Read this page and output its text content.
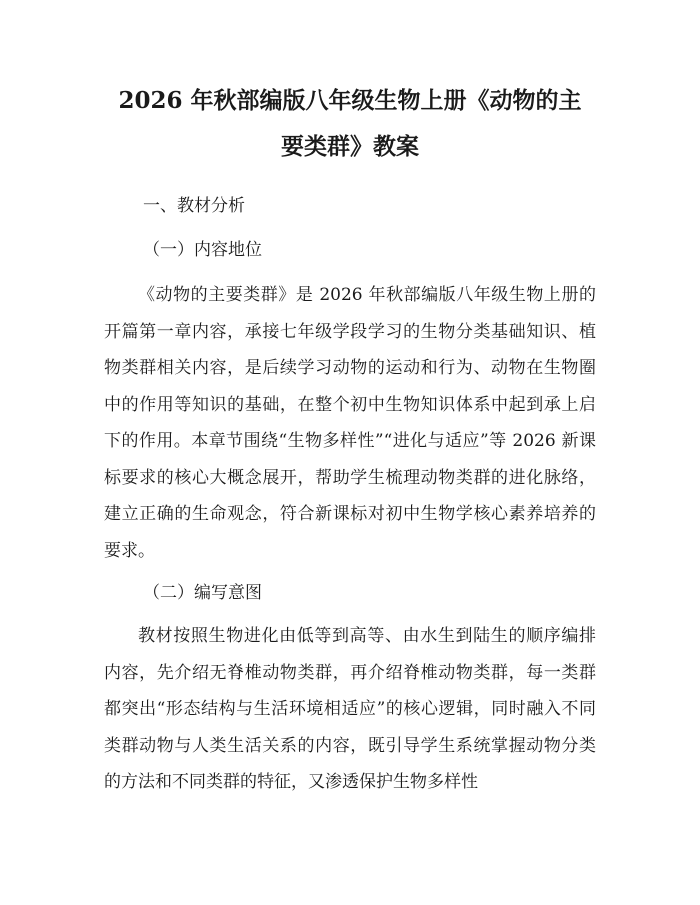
2026 年秋部编版八年级生物上册《动物的主
要类群》教案

一、教材分析

（一）内容地位

《动物的主要类群》是 2026 年秋部编版八年级生物上册的开篇第一章内容，承接七年级学段学习的生物分类基础知识、植物类群相关内容，是后续学习动物的运动和行为、动物在生物圈中的作用等知识的基础，在整个初中生物知识体系中起到承上启下的作用。本章节围绕“生物多样性”“进化与适应”等 2026 新课标要求的核心大概念展开，帮助学生梳理动物类群的进化脉络，建立正确的生命观念，符合新课标对初中生物学核心素养培养的要求。

（二）编写意图

教材按照生物进化由低等到高等、由水生到陆生的顺序编排内容，先介绍无脊椎动物类群，再介绍脊椎动物类群，每一类群都突出“形态结构与生活环境相适应”的核心逻辑，同时融入不同类群动物与人类生活关系的内容，既引导学生系统掌握动物分类的方法和不同类群的特征，又渗透保护生物多样性
